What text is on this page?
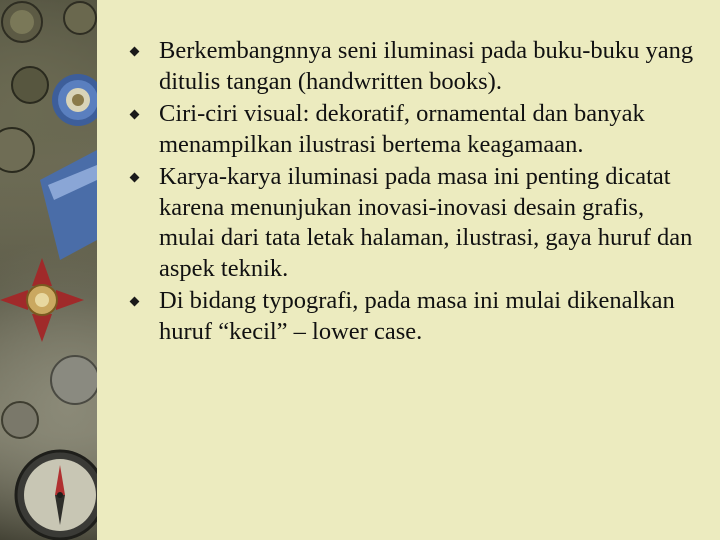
Berkembangnnya seni iluminasi pada buku-buku yang ditulis tangan (handwritten books).
Ciri-ciri visual: dekoratif, ornamental dan banyak menampilkan ilustrasi bertema keagamaan.
Karya-karya iluminasi pada masa ini penting dicatat karena menunjukan inovasi-inovasi desain grafis, mulai dari tata letak halaman, ilustrasi, gaya huruf dan aspek teknik.
Di bidang typografi, pada masa ini mulai dikenalkan huruf “kecil” – lower case.
